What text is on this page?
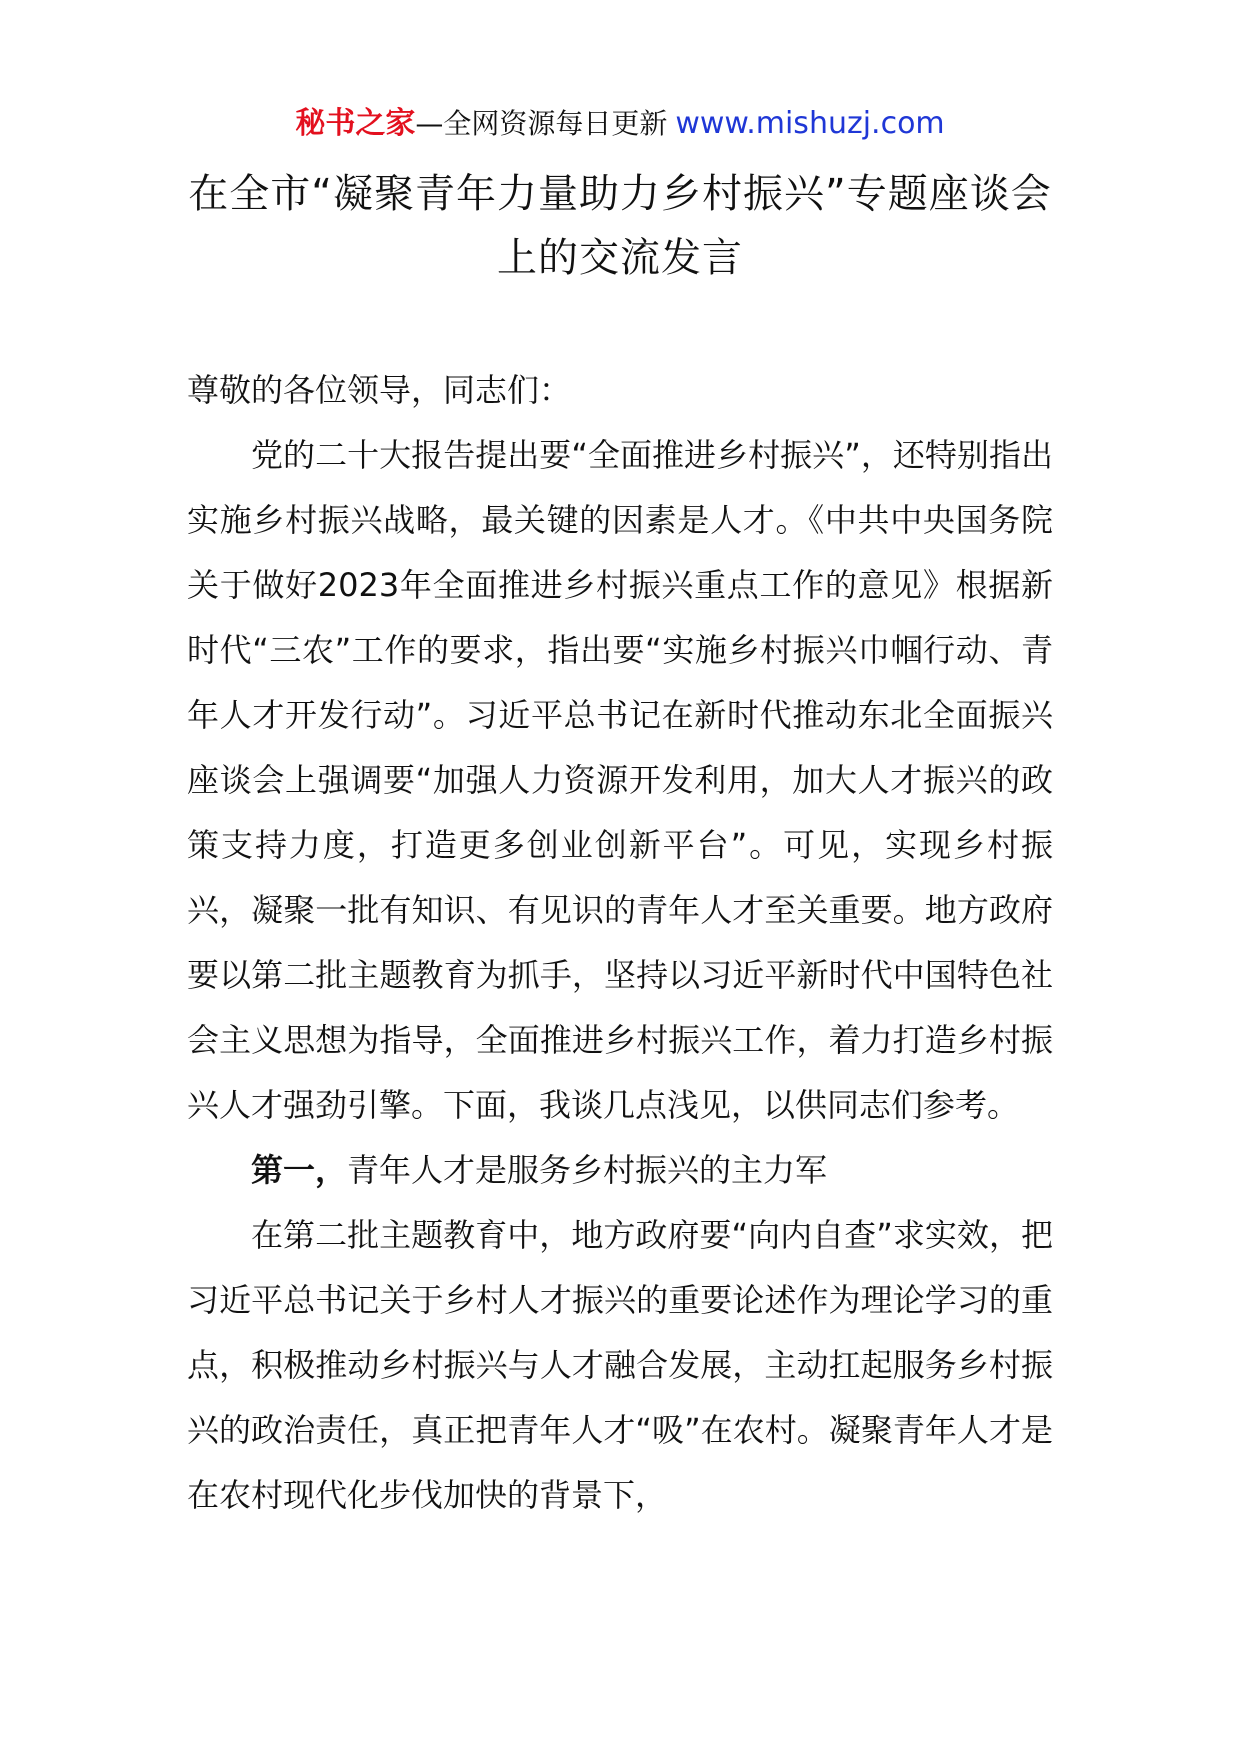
秘书之家—全网资源每日更新 www.mishuzj.com
在全市“凝聚青年力量助力乡村振兴”专题座谈会上的交流发言

尊敬的各位领导，同志们：

党的二十大报告提出要“全面推进乡村振兴”，还特别指出实施乡村振兴战略，最关键的因素是人才。《中共中央国务院关于做好2023年全面推进乡村振兴重点工作的意见》根据新时代“三农”工作的要求，指出要“实施乡村振兴巾帼行动、青年人才开发行动”。习近平总书记在新时代推动东北全面振兴座谈会上强调要“加强人力资源开发利用，加大人才振兴的政策支持力度，打造更多创业创新平台”。可见，实现乡村振兴，凝聚一批有知识、有见识的青年人才至关重要。地方政府要以第二批主题教育为抓手，坚持以习近平新时代中国特色社会主义思想为指导，全面推进乡村振兴工作，着力打造乡村振兴人才强劲引擎。下面，我谈几点浅见，以供同志们参考。

第一，青年人才是服务乡村振兴的主力军

在第二批主题教育中，地方政府要“向内自查”求实效，把习近平总书记关于乡村人才振兴的重要论述作为理论学习的重点，积极推动乡村振兴与人才融合发展，主动扛起服务乡村振兴的政治责任，真正把青年人才“吸”在农村。凝聚青年人才是在农村现代化步伐加快的背景下，
